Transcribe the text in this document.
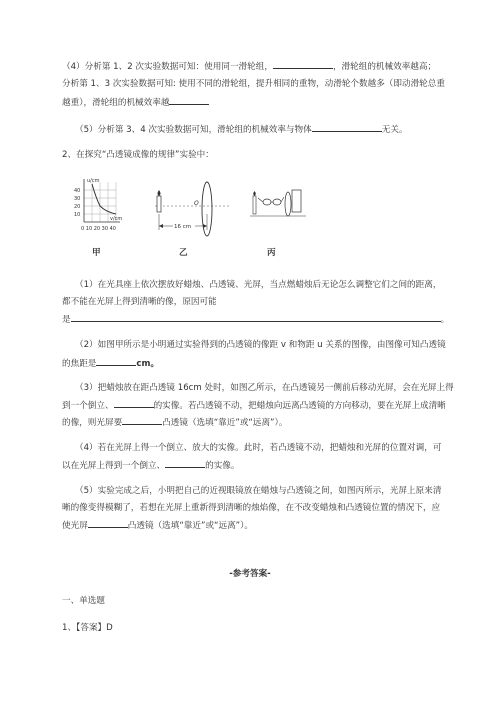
（4）分析第 1、2 次实验数据可知：使用同一滑轮组，	，滑轮组的机械效率越高；
分析第 1、3 次实验数据可知: 使用不同的滑轮组，提升相同的重物，动滑轮个数越多（即动滑轮总重
越重），滑轮组的机械效率越
（5）分析第 3、4 次实验数据可知，滑轮组的机械效率与物体	无关。
2、在探究“凸透镜成像的规律”实验中：
u/cm
v/cm
40
30
20
10
0 10 20 30 40
O
16 cm
甲	乙	丙
（1）在光具座上依次摆放好蜡烛、凸透镜、光屏，当点燃蜡烛后无论怎么调整它们之间的距离，
都不能在光屏上得到清晰的像，原因可能
是	。
（2）如图甲所示是小明通过实验得到的凸透镜的像距 v 和物距 u 关系的图像，由图像可知凸透镜
的焦距是	cm。
（3）把蜡烛放在距凸透镜 16cm 处时，如图乙所示，在凸透镜另一侧前后移动光屏，会在光屏上得
到一个倒立、	的实像。若凸透镜不动，把蜡烛向远离凸透镜的方向移动，要在光屏上成清晰
的像，则光屏要	凸透镜（选填“靠近”或“远离”）。
（4）若在光屏上得一个倒立、放大的实像。此时，若凸透镜不动，把蜡烛和光屏的位置对调，可
以在光屏上得到一个倒立、	的实像。
（5）实验完成之后，小明把自己的近视眼镜放在蜡烛与凸透镜之间，如图丙所示，光屏上原来清
晰的像变得模糊了，若想在光屏上重新得到清晰的烛焰像，在不改变蜡烛和凸透镜位置的情况下，应
使光屏	凸透镜（选填“靠近”或“远离”）。
-参考答案-
一、单选题
1、【答案】D
